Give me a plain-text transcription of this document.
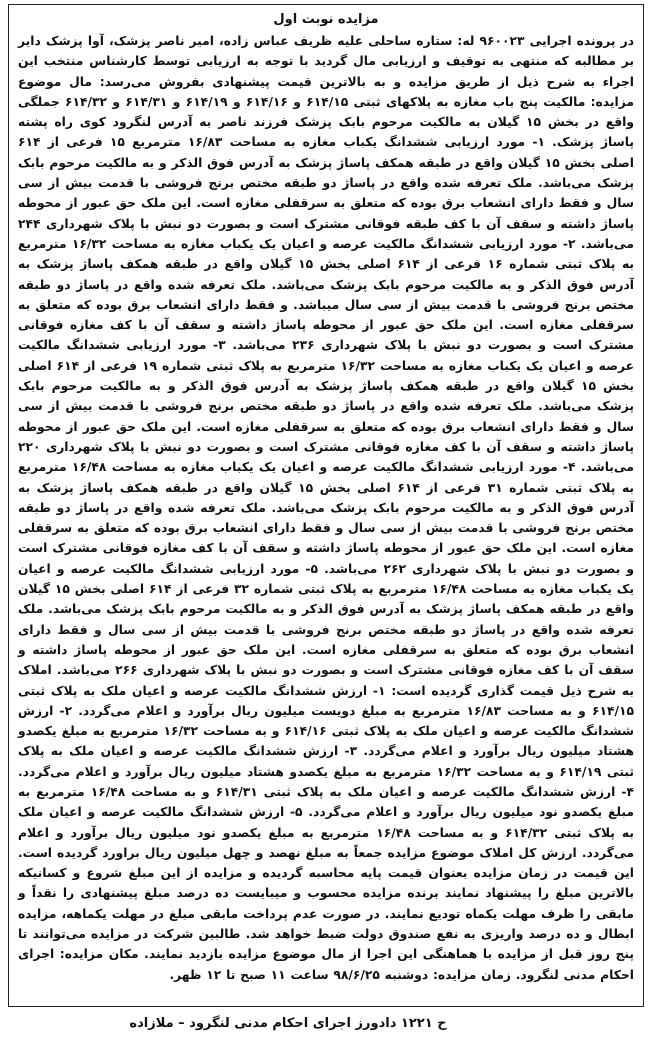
مزایده نوبت اول

در پرونده اجرایی ۹۶۰۰۲۳ له: ستاره ساحلی علیه ظریف عباس زاده، امیر ناصر پزشک، آوا پزشک دایر بر مطالبه که منتهی به توقیف و ارزیابی مال گردید با توجه به ارزیابی توسط کارشناس منتخب این اجراء به شرح ذیل از طریق مزایده و به بالاترین قیمت پیشنهادی بفروش می‌رسد: مال موضوع مزایده: مالکیت پنج باب مغازه به پلاکهای ثبتی ۶۱۴/۱۵ و ۶۱۴/۱۶ و ۶۱۴/۱۹ و ۶۱۴/۳۱ و ۶۱۴/۳۲ جملگی واقع در بخش ۱۵ گیلان به مالکیت مرحوم بابک پزشک فرزند ناصر به آدرس لنگرود کوی راه پشته پاساژ پزشک. ۱- مورد ارزیابی ششدانگ یکباب مغازه به مساحت ۱۶/۸۳ مترمربع ۱۵ فرعی از ۶۱۴ اصلی بخش ۱۵ گیلان واقع در طبقه همکف پاساژ پزشک به آدرس فوق الذکر و به مالکیت مرحوم بابک پزشک می‌باشد. ملک تعرفه شده واقع در پاساژ دو طبقه مختص برنج فروشی با قدمت بیش از سی سال و فقط دارای انشعاب برق بوده که متعلق به سرقفلی مغازه است. این ملک حق عبور از محوطه پاساژ داشته و سقف آن با کف طبقه فوقانی مشترک است و بصورت دو نبش با پلاک شهرداری ۲۴۴ می‌باشد. ۲- مورد ارزیابی ششدانگ مالکیت عرصه و اعیان یک یکباب مغازه به مساحت ۱۶/۳۲ مترمربع به پلاک ثبتی شماره ۱۶ فرعی از ۶۱۴ اصلی بخش ۱۵ گیلان واقع در طبقه همکف پاساژ پزشک به آدرس فوق الذکر و به مالکیت مرحوم بابک پزشک می‌باشد. ملک تعرفه شده واقع در پاساژ دو طبقه مختص برنج فروشی با قدمت بیش از سی سال میباشد. و فقط دارای انشعاب برق بوده که متعلق به سرقفلی مغازه است. این ملک حق عبور از محوطه پاساژ داشته و سقف آن با کف مغازه فوقانی مشترک است و بصورت دو نبش با پلاک شهرداری ۲۳۶ می‌باشد. ۳- مورد ارزیابی ششدانگ مالکیت عرصه و اعیان یک یکباب مغازه به مساحت ۱۶/۳۲ مترمربع به پلاک ثبتی شماره ۱۹ فرعی از ۶۱۴ اصلی بخش ۱۵ گیلان واقع در طبقه همکف پاساژ پزشک به آدرس فوق الذکر و به مالکیت مرحوم بابک پزشک می‌باشد. ملک تعرفه شده واقع در پاساژ دو طبقه مختص برنج فروشی با قدمت بیش از سی سال و فقط دارای انشعاب برق بوده که متعلق به سرقفلی مغازه است. این ملک حق عبور از محوطه پاساژ داشته و سقف آن با کف مغازه فوقانی مشترک است و بصورت دو نبش با پلاک شهرداری ۲۲۰ می‌باشد. ۴- مورد ارزیابی ششدانگ مالکیت عرصه و اعیان یک یکباب مغازه به مساحت ۱۶/۴۸ مترمربع به پلاک ثبتی شماره ۳۱ فرعی از ۶۱۴ اصلی بخش ۱۵ گیلان واقع در طبقه همکف پاساژ پزشک به آدرس فوق الذکر و به مالکیت مرحوم بابک پزشک می‌باشد. ملک تعرفه شده واقع در پاساژ دو طبقه مختص برنج فروشی با قدمت بیش از سی سال و فقط دارای انشعاب برق بوده که متعلق به سرقفلی مغازه است. این ملک حق عبور از محوطه پاساژ داشته و سقف آن با کف مغازه فوقانی مشترک است و بصورت دو نبش با پلاک شهرداری ۲۶۲ می‌باشد. ۵- مورد ارزیابی ششدانگ مالکیت عرصه و اعیان یک یکباب مغازه به مساحت ۱۶/۴۸ مترمربع به پلاک ثبتی شماره ۳۲ فرعی از ۶۱۴ اصلی بخش ۱۵ گیلان واقع در طبقه همکف پاساژ پزشک به آدرس فوق الذکر و به مالکیت مرحوم بابک پزشک می‌باشد. ملک تعرفه شده واقع در پاساژ دو طبقه مختص برنج فروشی با قدمت بیش از سی سال و فقط دارای انشعاب برق بوده که متعلق به سرقفلی مغازه است. این ملک حق عبور از محوطه پاساژ داشته و سقف آن با کف مغازه فوقانی مشترک است و بصورت دو نبش با پلاک شهرداری ۲۶۶ می‌باشد. املاک به شرح ذیل قیمت گذاری گردیده است: ۱- ارزش ششدانگ مالکیت عرصه و اعیان ملک به پلاک ثبتی ۶۱۴/۱۵ و به مساحت ۱۶/۸۳ مترمربع به مبلغ دویست میلیون ریال برآورد و اعلام می‌گردد. ۲- ارزش ششدانگ مالکیت عرصه و اعیان ملک به پلاک ثبتی ۶۱۴/۱۶ و به مساحت ۱۶/۳۲ مترمربع به مبلغ یکصدو هشتاد میلیون ریال برآورد و اعلام می‌گردد. ۳- ارزش ششدانگ مالکیت عرصه و اعیان ملک به پلاک ثبتی ۶۱۴/۱۹ و به مساحت ۱۶/۳۲ مترمربع به مبلغ یکصدو هشتاد میلیون ریال برآورد و اعلام می‌گردد. ۴- ارزش ششدانگ مالکیت عرصه و اعیان ملک به پلاک ثبتی ۶۱۴/۳۱ و به مساحت ۱۶/۴۸ مترمربع به مبلغ یکصدو نود میلیون ریال برآورد و اعلام می‌گردد. ۵- ارزش ششدانگ مالکیت عرصه و اعیان ملک به پلاک ثبتی ۶۱۴/۳۲ و به مساحت ۱۶/۴۸ مترمربع به مبلغ یکصدو نود میلیون ریال برآورد و اعلام می‌گردد. ارزش کل املاک موضوع مزایده جمعاً به مبلغ نهصد و چهل میلیون ریال براورد گردیده است. این قیمت در زمان مزایده بعنوان قیمت پایه محاسبه گردیده و مزایده از این مبلغ شروع و کسانیکه بالاترین مبلغ را پیشنهاد نمایند برنده مزایده محسوب و میبایست ده درصد مبلغ پیشنهادی را نقداً و مابقی را ظرف مهلت یکماه تودیع نمایند. در صورت عدم پرداخت مابقی مبلغ در مهلت یکماهه، مزایده ابطال و ده درصد واریزی به نفع صندوق دولت ضبط خواهد شد. طالبین شرکت در مزایده می‌توانند تا پنج روز قبل از مزایده با هماهنگی این اجرا از مال موضوع مزایده بازدید نمایند. مکان مزایده: اجرای احکام مدنی لنگرود. زمان مزایده: دوشنبه ۹۸/۶/۲۵ ساعت ۱۱ صبح تا ۱۲ ظهر.

ح ۱۲۲۱ دادورز اجرای احکام مدنی لنگرود – ملازاده
